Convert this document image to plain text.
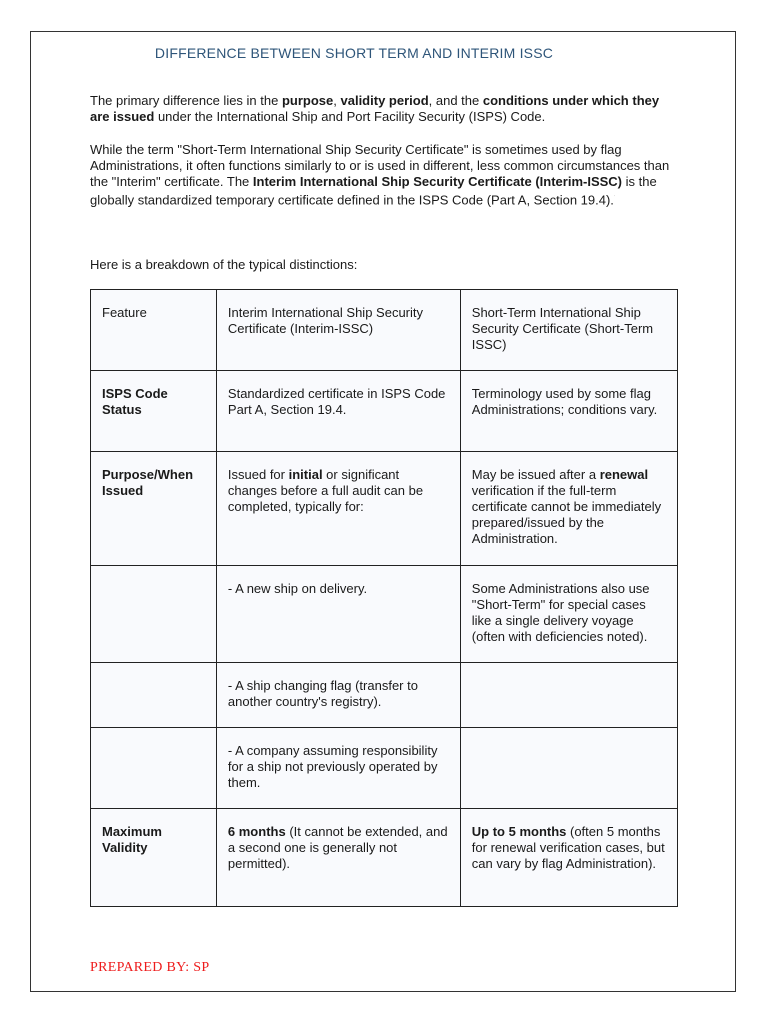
DIFFERENCE BETWEEN SHORT TERM AND INTERIM ISSC

The primary difference lies in the purpose, validity period, and the conditions under which they are issued under the International Ship and Port Facility Security (ISPS) Code.

While the term "Short-Term International Ship Security Certificate" is sometimes used by flag Administrations, it often functions similarly to or is used in different, less common circumstances than the "Interim" certificate. The Interim International Ship Security Certificate (Interim-ISSC) is the globally standardized temporary certificate defined in the ISPS Code (Part A, Section 19.4).$^ˑ$

Here is a breakdown of the typical distinctions:

Feature	Interim International Ship Security Certificate (Interim-ISSC)	Short-Term International Ship Security Certificate (Short-Term ISSC)
ISPS Code Status	Standardized certificate in ISPS Code Part A, Section 19.4.	Terminology used by some flag Administrations; conditions vary.
Purpose/When Issued	Issued for initial or significant changes before a full audit can be completed, typically for:	May be issued after a renewal verification if the full-term certificate cannot be immediately prepared/issued by the Administration.
	- A new ship on delivery.	Some Administrations also use "Short-Term" for special cases like a single delivery voyage (often with deficiencies noted).
	- A ship changing flag (transfer to another country's registry).	
	- A company assuming responsibility for a ship not previously operated by them.	
Maximum Validity	6 months (It cannot be extended, and a second one is generally not permitted).	Up to 5 months (often 5 months for renewal verification cases, but can vary by flag Administration).
PREPARED BY: SP
